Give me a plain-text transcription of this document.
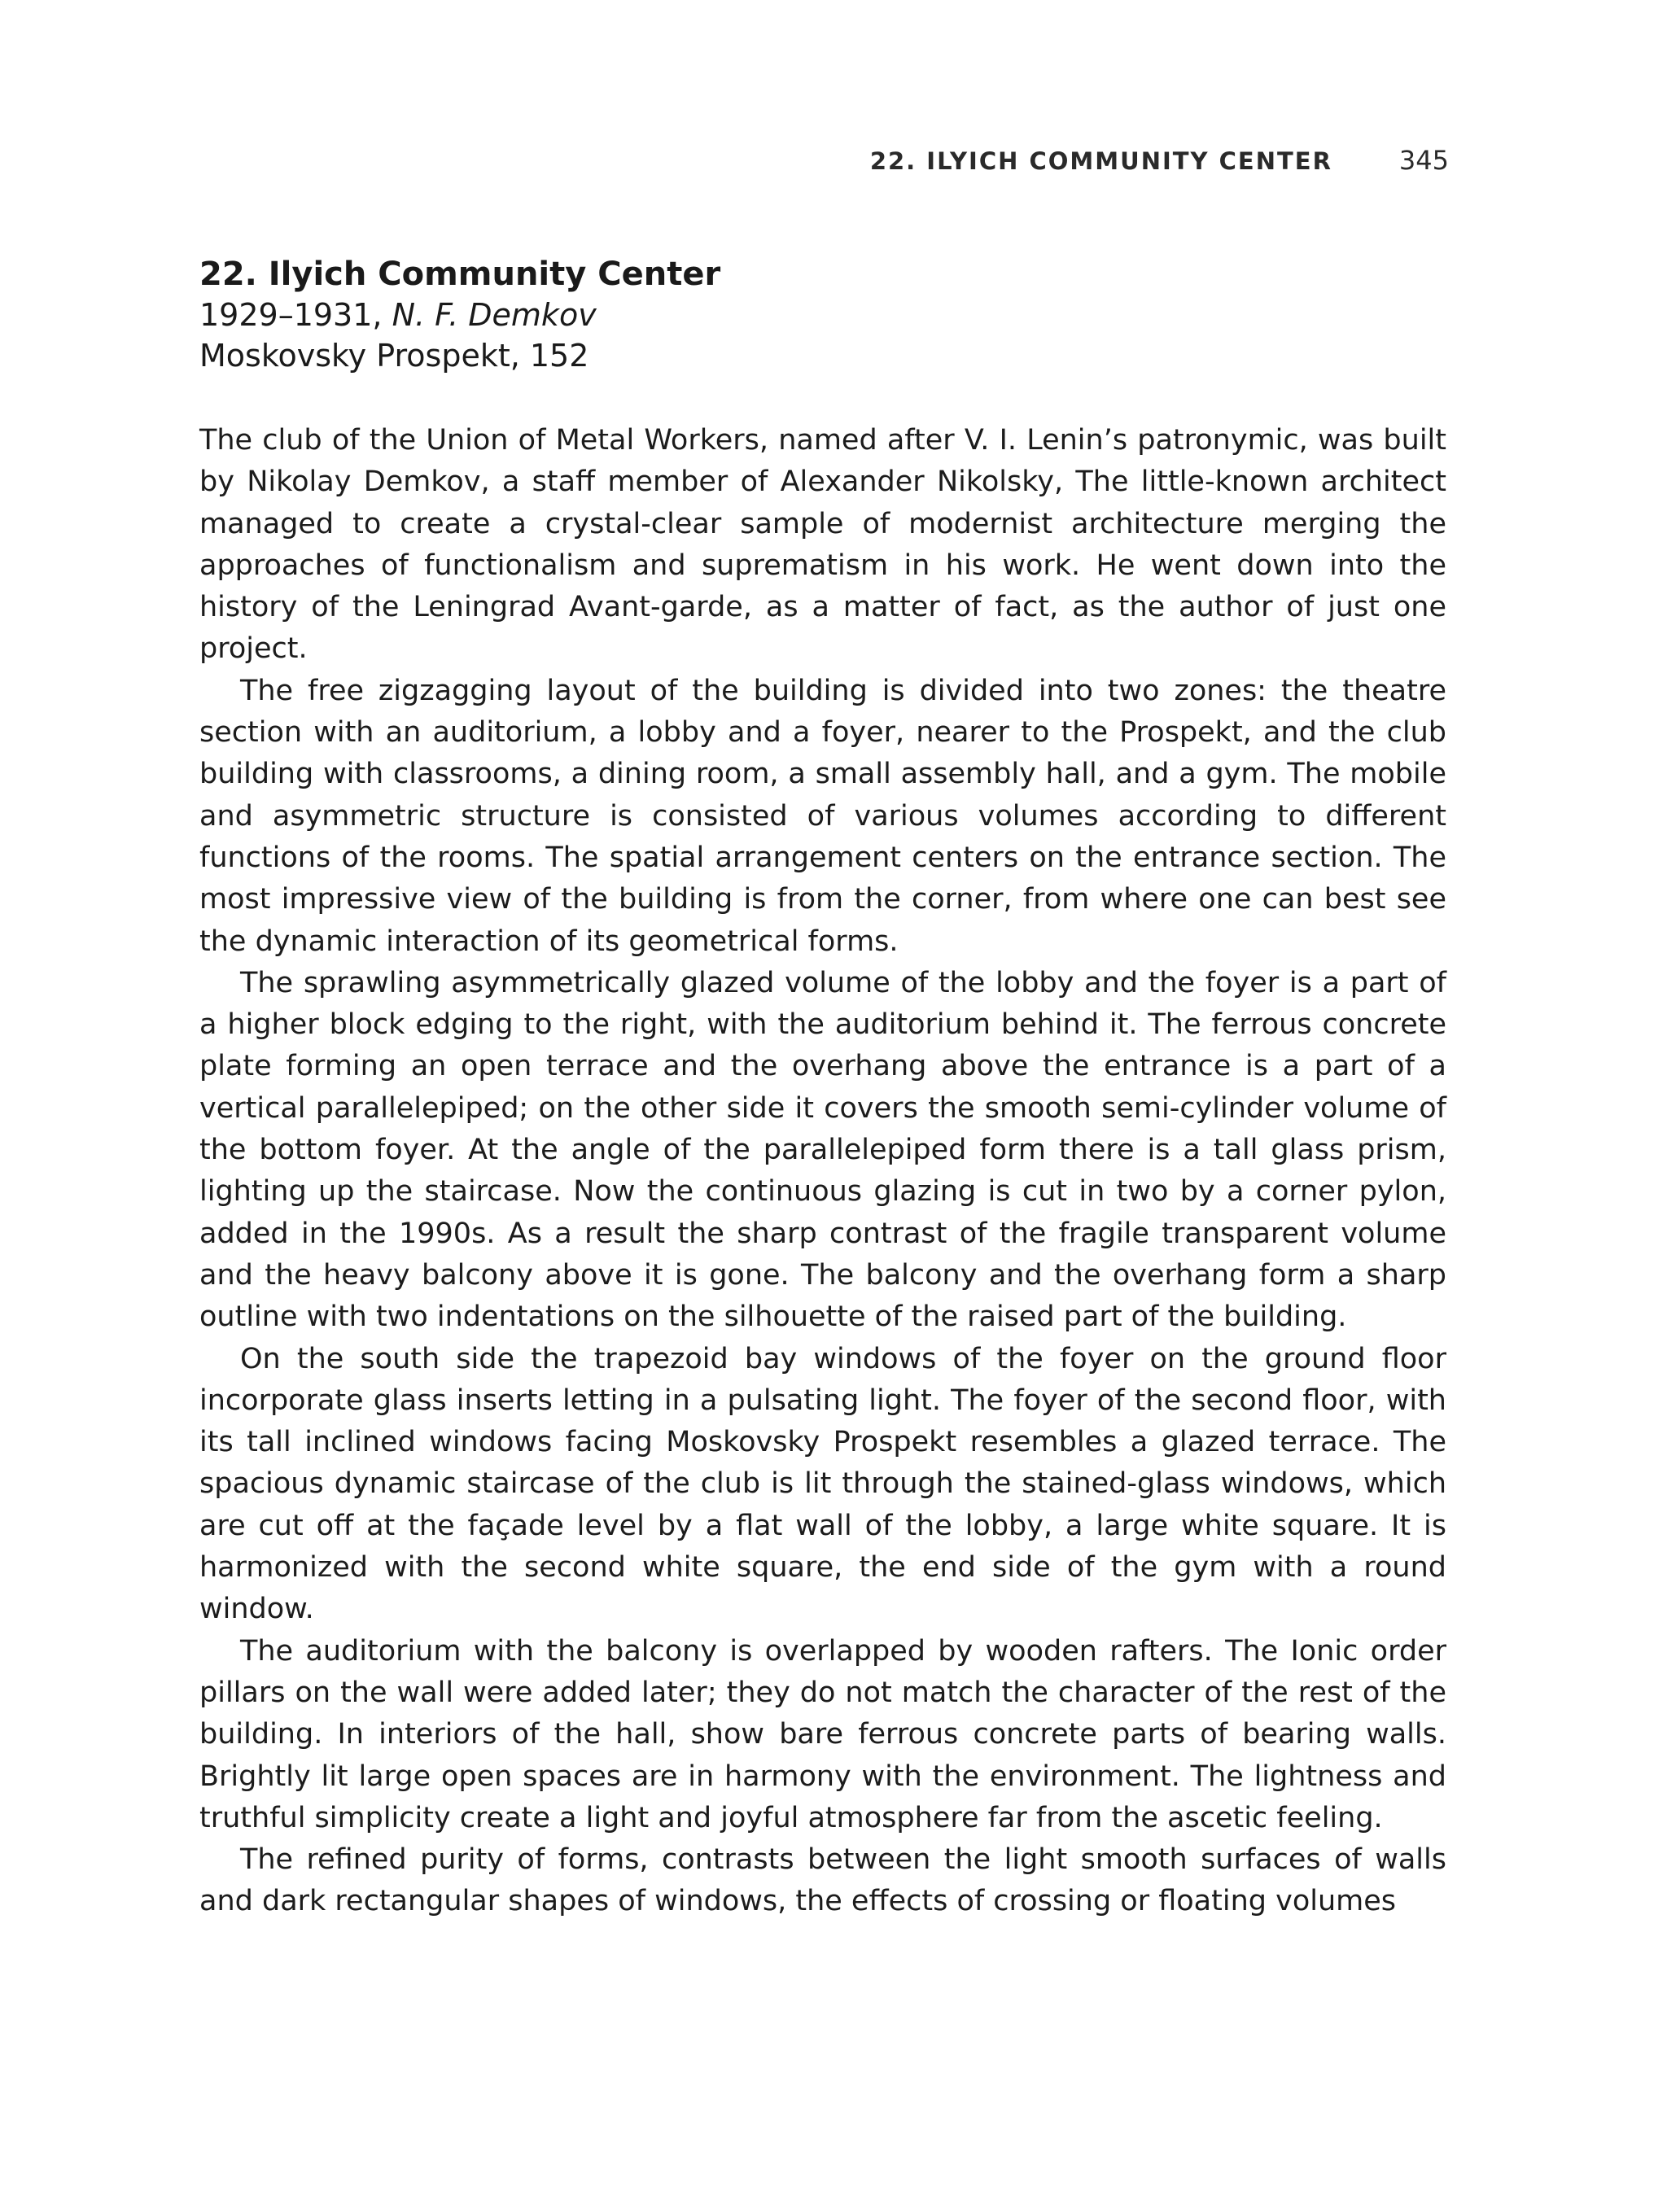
22. ILYICH COMMUNITY CENTER	345
22. Ilyich Community Center
1929–1931, N. F. Demkov
Moskovsky Prospekt, 152

The club of the Union of Metal Workers, named after V. I. Lenin’s patronymic, was built by Nikolay Demkov, a staff member of Alexander Nikolsky, The little-known architect managed to create a crystal-clear sample of modernist architecture merging the approaches of functionalism and suprematism in his work. He went down into the history of the Leningrad Avant-garde, as a matter of fact, as the author of just one project.

The free zigzagging layout of the building is divided into two zones: the theatre section with an auditorium, a lobby and a foyer, nearer to the Prospekt, and the club building with classrooms, a dining room, a small assembly hall, and a gym. The mobile and asymmetric structure is consisted of various volumes according to different functions of the rooms. The spatial arrangement centers on the entrance section. The most impressive view of the building is from the corner, from where one can best see the dynamic interaction of its geometrical forms.

The sprawling asymmetrically glazed volume of the lobby and the foyer is a part of a higher block edging to the right, with the auditorium behind it. The ferrous concrete plate forming an open terrace and the overhang above the entrance is a part of a vertical parallelepiped; on the other side it covers the smooth semi-cylinder volume of the bottom foyer. At the angle of the parallelepiped form there is a tall glass prism, lighting up the staircase. Now the continuous glazing is cut in two by a corner pylon, added in the 1990s. As a result the sharp contrast of the fragile transparent volume and the heavy balcony above it is gone. The balcony and the overhang form a sharp outline with two indentations on the silhouette of the raised part of the building.

On the south side the trapezoid bay windows of the foyer on the ground floor incorporate glass inserts letting in a pulsating light. The foyer of the second floor, with its tall inclined windows facing Moskovsky Prospekt resembles a glazed terrace. The spacious dynamic staircase of the club is lit through the stained-glass windows, which are cut off at the façade level by a flat wall of the lobby, a large white square. It is harmonized with the second white square, the end side of the gym with a round window.

The auditorium with the balcony is overlapped by wooden rafters. The Ionic order pillars on the wall were added later; they do not match the character of the rest of the building. In interiors of the hall, show bare ferrous concrete parts of bearing walls. Brightly lit large open spaces are in harmony with the environment. The lightness and truthful simplicity create a light and joyful atmosphere far from the ascetic feeling.

The refined purity of forms, contrasts between the light smooth surfaces of walls and dark rectangular shapes of windows, the effects of crossing or floating volumes
